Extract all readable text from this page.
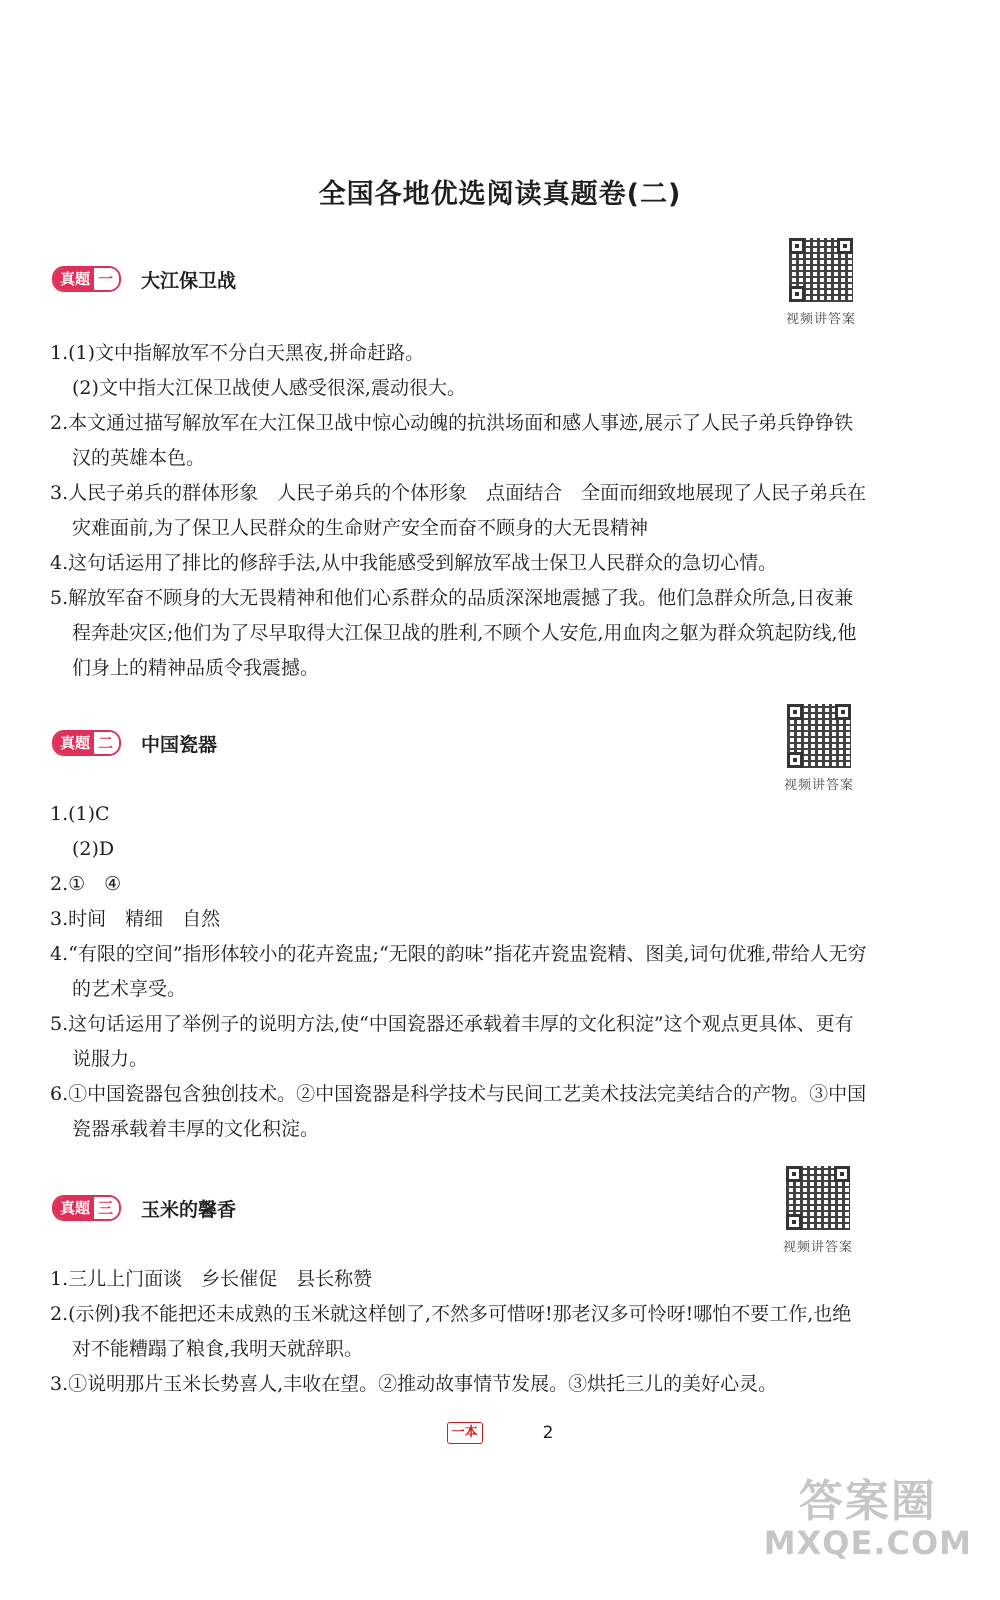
全国各地优选阅读真题卷(二)
真题 一	大江保卫战
视频讲答案
1.(1)文中指解放军不分白天黑夜,拼命赶路。
(2)文中指大江保卫战使人感受很深,震动很大。
2.本文通过描写解放军在大江保卫战中惊心动魄的抗洪场面和感人事迹,展示了人民子弟兵铮铮铁汉的英雄本色。
3.人民子弟兵的群体形象　人民子弟兵的个体形象　点面结合　全面而细致地展现了人民子弟兵在灾难面前,为了保卫人民群众的生命财产安全而奋不顾身的大无畏精神
4.这句话运用了排比的修辞手法,从中我能感受到解放军战士保卫人民群众的急切心情。
5.解放军奋不顾身的大无畏精神和他们心系群众的品质深深地震撼了我。他们急群众所急,日夜兼程奔赴灾区;他们为了尽早取得大江保卫战的胜利,不顾个人安危,用血肉之躯为群众筑起防线,他们身上的精神品质令我震撼。
真题 二	中国瓷器
视频讲答案
1.(1)C
(2)D
2.①　④
3.时间　精细　自然
4.“有限的空间”指形体较小的花卉瓷盅;“无限的韵味”指花卉瓷盅瓷精、图美,词句优雅,带给人无穷的艺术享受。
5.这句话运用了举例子的说明方法,使“中国瓷器还承载着丰厚的文化积淀”这个观点更具体、更有说服力。
6.①中国瓷器包含独创技术。②中国瓷器是科学技术与民间工艺美术技法完美结合的产物。③中国瓷器承载着丰厚的文化积淀。
真题 三	玉米的馨香
视频讲答案
1.三儿上门面谈　乡长催促　县长称赞
2.(示例)我不能把还未成熟的玉米就这样刨了,不然多可惜呀!那老汉多可怜呀!哪怕不要工作,也绝对不能糟蹋了粮食,我明天就辞职。
3.①说明那片玉米长势喜人,丰收在望。②推动故事情节发展。③烘托三儿的美好心灵。
一本	2
答案圈
MXQE.COM
